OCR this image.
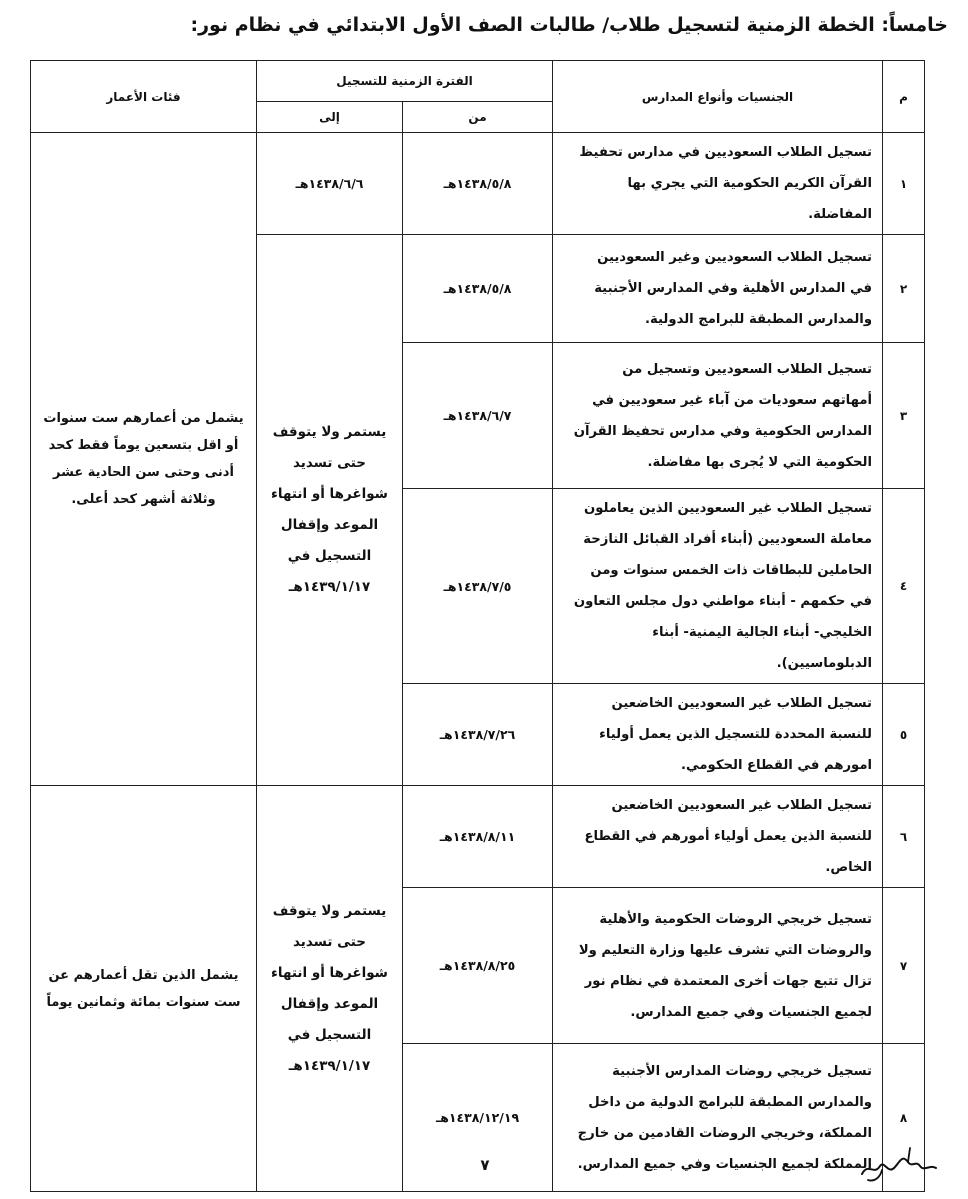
خامساً: الخطة الزمنية لتسجيل طلاب/ طالبات الصف الأول الابتدائي في نظام نور:
م	الجنسيات وأنواع المدارس	الفترة الزمنية للتسجيل		فئات الأعمار
		من	إلى	
١	تسجيل الطلاب السعوديين في مدارس تحفيظ القرآن الكريم الحكومية التي يجري بها المفاضلة.	١٤٣٨/٥/٨هـ	١٤٣٨/٦/٦هـ	يشمل من أعمارهم ست سنوات أو اقل بتسعين يوماً فقط كحد أدنى وحتى سن الحادية عشر وثلاثة أشهر كحد أعلى.
٢	تسجيل الطلاب السعوديين وغير السعوديين في المدارس الأهلية وفي المدارس الأجنبية والمدارس المطبقة للبرامج الدولية.	١٤٣٨/٥/٨هـ	يستمر ولا يتوقف حتى تسديد شواغرها أو انتهاء الموعد وإقفال التسجيل في ١٤٣٩/١/١٧هـ	
٣	تسجيل الطلاب السعوديين وتسجيل من أمهاتهم سعوديات من آباء غير سعوديين في المدارس الحكومية وفي مدارس تحفيظ القرآن الحكومية التي لا يُجرى بها مفاضلة.	١٤٣٨/٦/٧هـ		
٤	تسجيل الطلاب غير السعوديين الذين يعاملون معاملة السعوديين (أبناء أفراد القبائل النازحة الحاملين للبطاقات ذات الخمس سنوات ومن في حكمهم - أبناء مواطني دول مجلس التعاون الخليجي- أبناء الجالية اليمنية- أبناء الدبلوماسيين).	١٤٣٨/٧/٥هـ		
٥	تسجيل الطلاب غير السعوديين الخاضعين للنسبة المحددة للتسجيل الذين يعمل أولياء امورهم في القطاع الحكومي.	١٤٣٨/٧/٢٦هـ		
٦	تسجيل الطلاب غير السعوديين الخاضعين للنسبة الذين يعمل أولياء أمورهم في القطاع الخاص.	١٤٣٨/٨/١١هـ	يستمر ولا يتوقف حتى تسديد شواغرها أو انتهاء الموعد وإقفال التسجيل في ١٤٣٩/١/١٧هـ	يشمل الذين تقل أعمارهم عن ست سنوات بمائة وثمانين يوماً
٧	تسجيل خريجي الروضات الحكومية والأهلية والروضات التي تشرف عليها وزارة التعليم ولا تزال تتبع جهات أخرى المعتمدة في نظام نور لجميع الجنسيات وفي جميع المدارس.	١٤٣٨/٨/٢٥هـ		
٨	تسجيل خريجي روضات المدارس الأجنبية والمدارس المطبقة للبرامج الدولية من داخل المملكة، وخريجي الروضات القادمين من خارج المملكة لجميع الجنسيات وفي جميع المدارس.	١٤٣٨/١٢/١٩هـ		
٧
